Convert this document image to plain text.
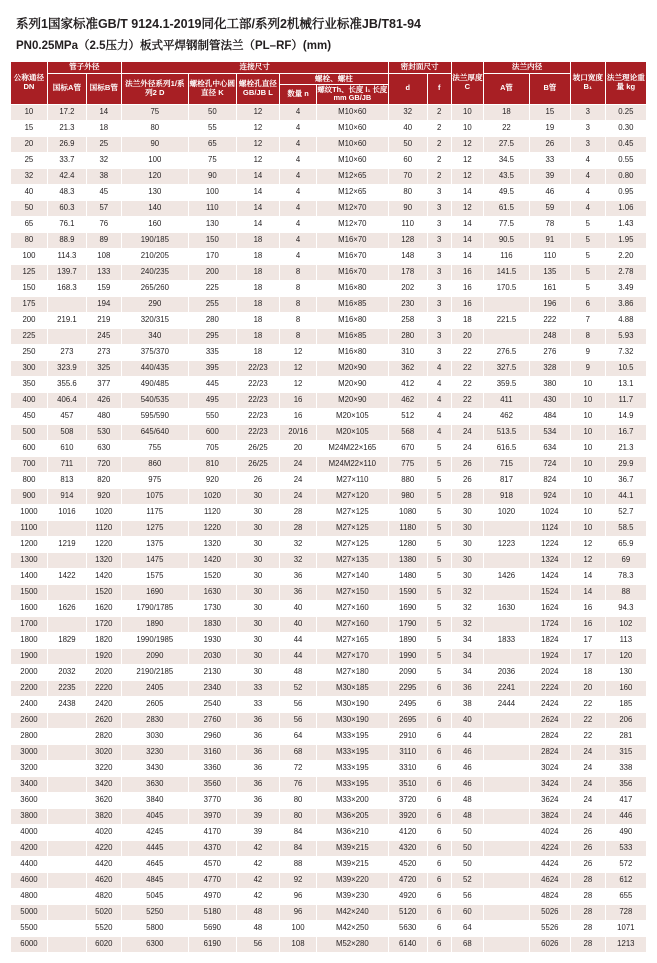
系列1国家标准GB/T 9124.1-2019同化工部/系列2机械行业标准JB/T81-94
PN0.25MPa（2.5压力）板式平焊钢制管法兰（PL–RF）(mm)
公称通径DN	管子外径		连接尺寸					密封面尺寸		法兰厚度 C	法兰内径		坡口宽度 B₁	法兰理论重量 kg
	国标A管	国标B管	法兰外径系列1/系列2 D	螺栓孔中心圆直径 K	螺栓孔直径GB/JB L	螺栓、螺柱		d	f		A管	B管		
						数量 n	螺纹Th、长度 l₁ 长度mm GB/JB							
10	17.2	14	75	50	12	4	M10×60	32	2	10	18	15	3	0.25
15	21.3	18	80	55	12	4	M10×60	40	2	10	22	19	3	0.30
20	26.9	25	90	65	12	4	M10×60	50	2	12	27.5	26	3	0.45
25	33.7	32	100	75	12	4	M10×60	60	2	12	34.5	33	4	0.55
32	42.4	38	120	90	14	4	M12×65	70	2	12	43.5	39	4	0.80
40	48.3	45	130	100	14	4	M12×65	80	3	14	49.5	46	4	0.95
50	60.3	57	140	110	14	4	M12×70	90	3	12	61.5	59	4	1.06
65	76.1	76	160	130	14	4	M12×70	110	3	14	77.5	78	5	1.43
80	88.9	89	190/185	150	18	4	M16×70	128	3	14	90.5	91	5	1.95
100	114.3	108	210/205	170	18	4	M16×70	148	3	14	116	110	5	2.20
125	139.7	133	240/235	200	18	8	M16×70	178	3	16	141.5	135	5	2.78
150	168.3	159	265/260	225	18	8	M16×80	202	3	16	170.5	161	5	3.49
175		194	290	255	18	8	M16×85	230	3	16		196	6	3.86
200	219.1	219	320/315	280	18	8	M16×80	258	3	18	221.5	222	7	4.88
225		245	340	295	18	8	M16×85	280	3	20		248	8	5.93
250	273	273	375/370	335	18	12	M16×80	310	3	22	276.5	276	9	7.32
300	323.9	325	440/435	395	22/23	12	M20×90	362	4	22	327.5	328	9	10.5
350	355.6	377	490/485	445	22/23	12	M20×90	412	4	22	359.5	380	10	13.1
400	406.4	426	540/535	495	22/23	16	M20×90	462	4	22	411	430	10	11.7
450	457	480	595/590	550	22/23	16	M20×105	512	4	24	462	484	10	14.9
500	508	530	645/640	600	22/23	20/16	M20×105	568	4	24	513.5	534	10	16.7
600	610	630	755	705	26/25	20	M24M22×165	670	5	24	616.5	634	10	21.3
700	711	720	860	810	26/25	24	M24M22×110	775	5	26	715	724	10	29.9
800	813	820	975	920	26	24	M27×110	880	5	26	817	824	10	36.7
900	914	920	1075	1020	30	24	M27×120	980	5	28	918	924	10	44.1
1000	1016	1020	1175	1120	30	28	M27×125	1080	5	30	1020	1024	10	52.7
1100		1120	1275	1220	30	28	M27×125	1180	5	30		1124	10	58.5
1200	1219	1220	1375	1320	30	32	M27×125	1280	5	30	1223	1224	12	65.9
1300		1320	1475	1420	30	32	M27×135	1380	5	30		1324	12	69
1400	1422	1420	1575	1520	30	36	M27×140	1480	5	30	1426	1424	14	78.3
1500		1520	1690	1630	30	36	M27×150	1590	5	32		1524	14	88
1600	1626	1620	1790/1785	1730	30	40	M27×160	1690	5	32	1630	1624	16	94.3
1700		1720	1890	1830	30	40	M27×160	1790	5	32		1724	16	102
1800	1829	1820	1990/1985	1930	30	44	M27×165	1890	5	34	1833	1824	17	113
1900		1920	2090	2030	30	44	M27×170	1990	5	34		1924	17	120
2000	2032	2020	2190/2185	2130	30	48	M27×180	2090	5	34	2036	2024	18	130
2200	2235	2220	2405	2340	33	52	M30×185	2295	6	36	2241	2224	20	160
2400	2438	2420	2605	2540	33	56	M30×190	2495	6	38	2444	2424	22	185
2600		2620	2830	2760	36	56	M30×190	2695	6	40		2624	22	206
2800		2820	3030	2960	36	64	M33×195	2910	6	44		2824	22	281
3000		3020	3230	3160	36	68	M33×195	3110	6	46		2824	24	315
3200		3220	3430	3360	36	72	M33×195	3310	6	46		3024	24	338
3400		3420	3630	3560	36	76	M33×195	3510	6	46		3424	24	356
3600		3620	3840	3770	36	80	M33×200	3720	6	48		3624	24	417
3800		3820	4045	3970	39	80	M36×205	3920	6	48		3824	24	446
4000		4020	4245	4170	39	84	M36×210	4120	6	50		4024	26	490
4200		4220	4445	4370	42	84	M39×215	4320	6	50		4224	26	533
4400		4420	4645	4570	42	88	M39×215	4520	6	50		4424	26	572
4600		4620	4845	4770	42	92	M39×220	4720	6	52		4624	28	612
4800		4820	5045	4970	42	96	M39×230	4920	6	56		4824	28	655
5000		5020	5250	5180	48	96	M42×240	5120	6	60		5026	28	728
5500		5520	5800	5690	48	100	M42×250	5630	6	64		5526	28	1071
6000		6020	6300	6190	56	108	M52×280	6140	6	68		6026	28	1213
